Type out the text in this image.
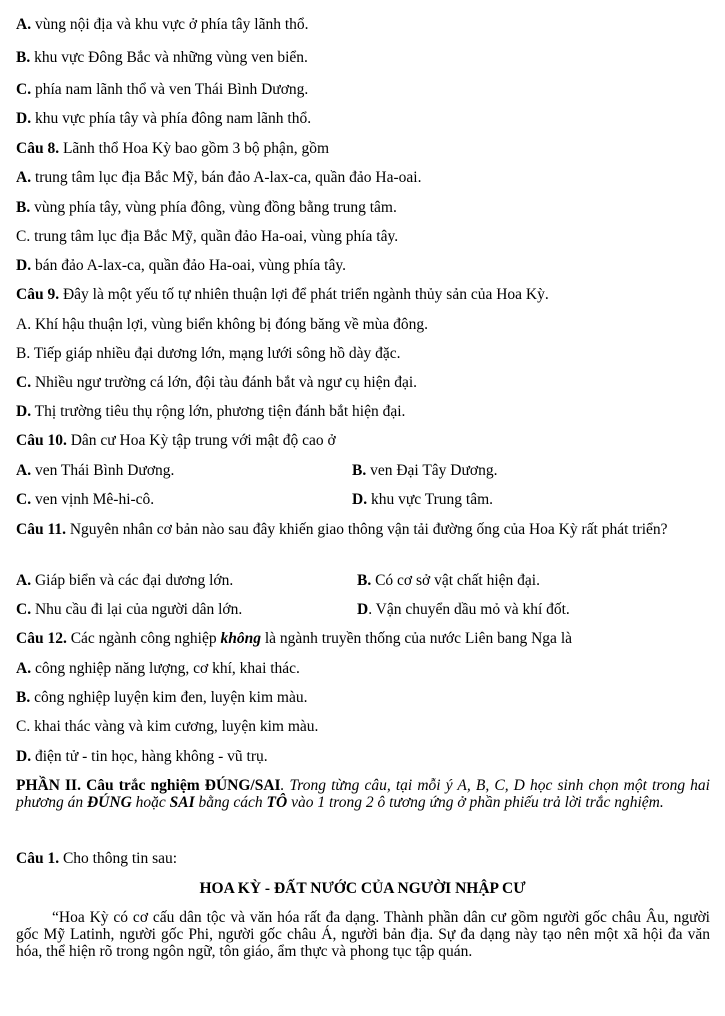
A. vùng nội địa và khu vực ở phía tây lãnh thổ.
B. khu vực Đông Bắc và những vùng ven biển.
C. phía nam lãnh thổ và ven Thái Bình Dương.
D. khu vực phía tây và phía đông nam lãnh thổ.
Câu 8. Lãnh thổ Hoa Kỳ bao gồm 3 bộ phận, gồm
A. trung tâm lục địa Bắc Mỹ, bán đảo A-lax-ca, quần đảo Ha-oai.
B. vùng phía tây, vùng phía đông, vùng đồng bằng trung tâm.
C. trung tâm lục địa Bắc Mỹ, quần đảo Ha-oai, vùng phía tây.
D. bán đảo A-lax-ca, quần đảo Ha-oai, vùng phía tây.
Câu 9. Đây là một yếu tố tự nhiên thuận lợi để phát triển ngành thủy sản của Hoa Kỳ.
A. Khí hậu thuận lợi, vùng biển không bị đóng băng về mùa đông.
B. Tiếp giáp nhiều đại dương lớn, mạng lưới sông hồ dày đặc.
C. Nhiều ngư trường cá lớn, đội tàu đánh bắt và ngư cụ hiện đại.
D. Thị trường tiêu thụ rộng lớn, phương tiện đánh bắt hiện đại.
Câu 10. Dân cư Hoa Kỳ tập trung với mật độ cao ở
A. ven Thái Bình Dương.	B. ven Đại Tây Dương.
C. ven vịnh Mê-hi-cô.	D. khu vực Trung tâm.
Câu 11. Nguyên nhân cơ bản nào sau đây khiến giao thông vận tải đường ống của Hoa Kỳ rất phát triển?
A. Giáp biển và các đại dương lớn.	B. Có cơ sở vật chất hiện đại.
C. Nhu cầu đi lại của người dân lớn.	D. Vận chuyển dầu mỏ và khí đốt.
Câu 12. Các ngành công nghiệp không là ngành truyền thống của nước Liên bang Nga là
A. công nghiệp năng lượng, cơ khí, khai thác.
B. công nghiệp luyện kim đen, luyện kim màu.
C. khai thác vàng và kim cương, luyện kim màu.
D. điện tử - tin học, hàng không - vũ trụ.
PHẦN II. Câu trắc nghiệm ĐÚNG/SAI. Trong từng câu, tại mỗi ý A, B, C, D học sinh chọn một trong hai phương án ĐÚNG hoặc SAI bằng cách TÔ vào 1 trong 2 ô tương ứng ở phần phiếu trả lời trắc nghiệm.
Câu 1. Cho thông tin sau:
HOA KỲ - ĐẤT NƯỚC CỦA NGƯỜI NHẬP CƯ
“Hoa Kỳ có cơ cấu dân tộc và văn hóa rất đa dạng. Thành phần dân cư gồm người gốc châu Âu, người gốc Mỹ Latinh, người gốc Phi, người gốc châu Á, người bản địa. Sự đa dạng này tạo nên một xã hội đa văn hóa, thể hiện rõ trong ngôn ngữ, tôn giáo, ẩm thực và phong tục tập quán.
